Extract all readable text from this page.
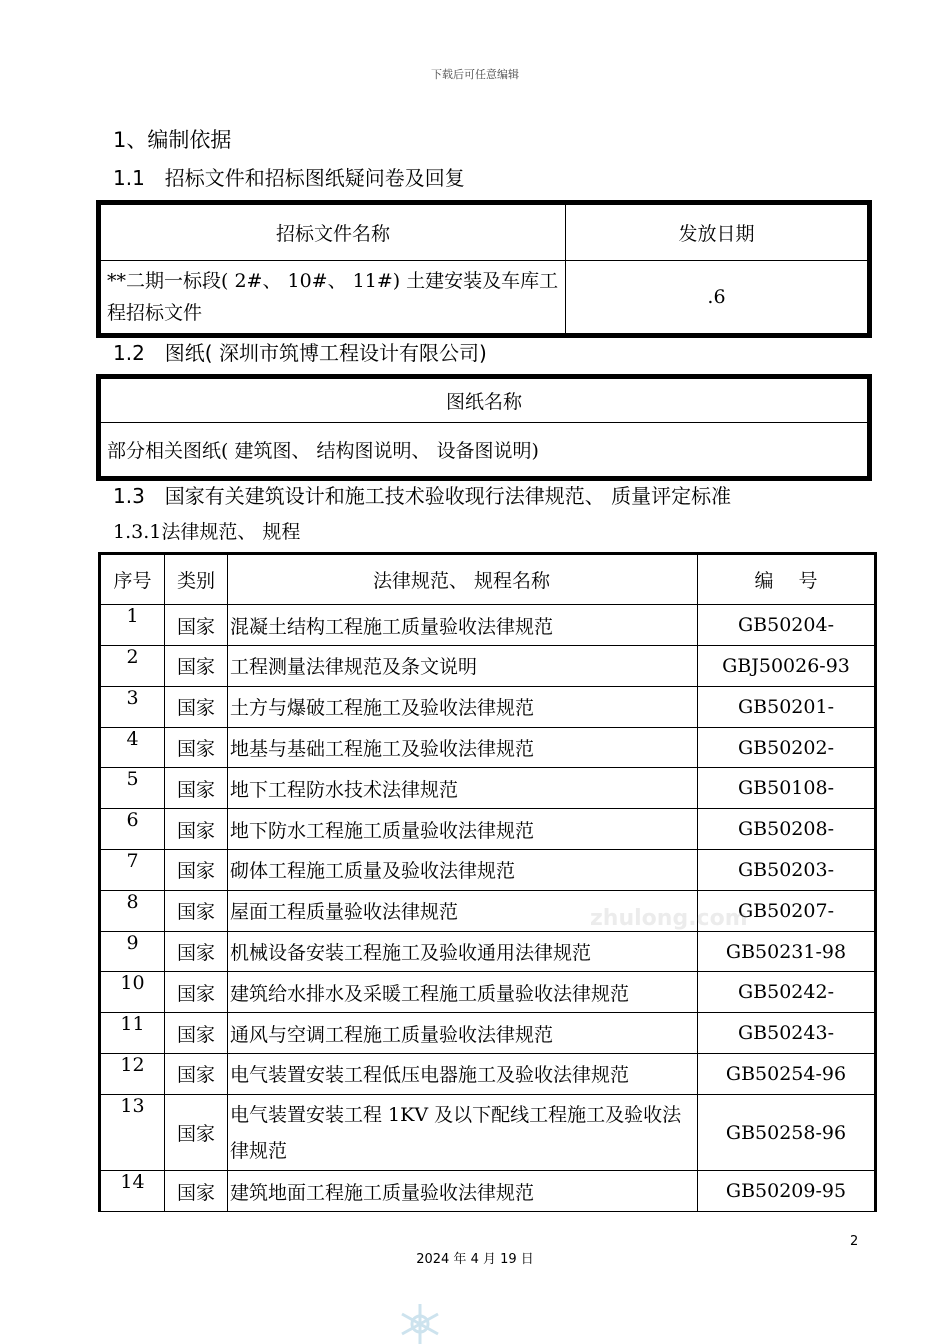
下载后可任意编辑
1、编制依据
1.1　招标文件和招标图纸疑问卷及回复
招标文件名称	发放日期
**二期一标段( 2#、 10#、 11#) 土建安装及车库工程招标文件	.6
1.2　图纸( 深圳市筑博工程设计有限公司)
图纸名称
部分相关图纸( 建筑图、 结构图说明、 设备图说明)
1.3　国家有关建筑设计和施工技术验收现行法律规范、 质量评定标准
1.3.1法律规范、 规程
序号	类别	法律规范、 规程名称	编　 号
1	国家	混凝土结构工程施工质量验收法律规范	GB50204-
2	国家	工程测量法律规范及条文说明	GBJ50026-93
3	国家	土方与爆破工程施工及验收法律规范	GB50201-
4	国家	地基与基础工程施工及验收法律规范	GB50202-
5	国家	地下工程防水技术法律规范	GB50108-
6	国家	地下防水工程施工质量验收法律规范	GB50208-
7	国家	砌体工程施工质量及验收法律规范	GB50203-
8	国家	屋面工程质量验收法律规范	GB50207-
9	国家	机械设备安装工程施工及验收通用法律规范	GB50231-98
10	国家	建筑给水排水及采暖工程施工质量验收法律规范	GB50242-
11	国家	通风与空调工程施工质量验收法律规范	GB50243-
12	国家	电气装置安装工程低压电器施工及验收法律规范	GB50254-96
13	国家	电气装置安装工程 1KV 及以下配线工程施工及验收法律规范	GB50258-96
14	国家	建筑地面工程施工质量验收法律规范	GB50209-95
zhulong.com
2
2024 年 4 月 19 日
